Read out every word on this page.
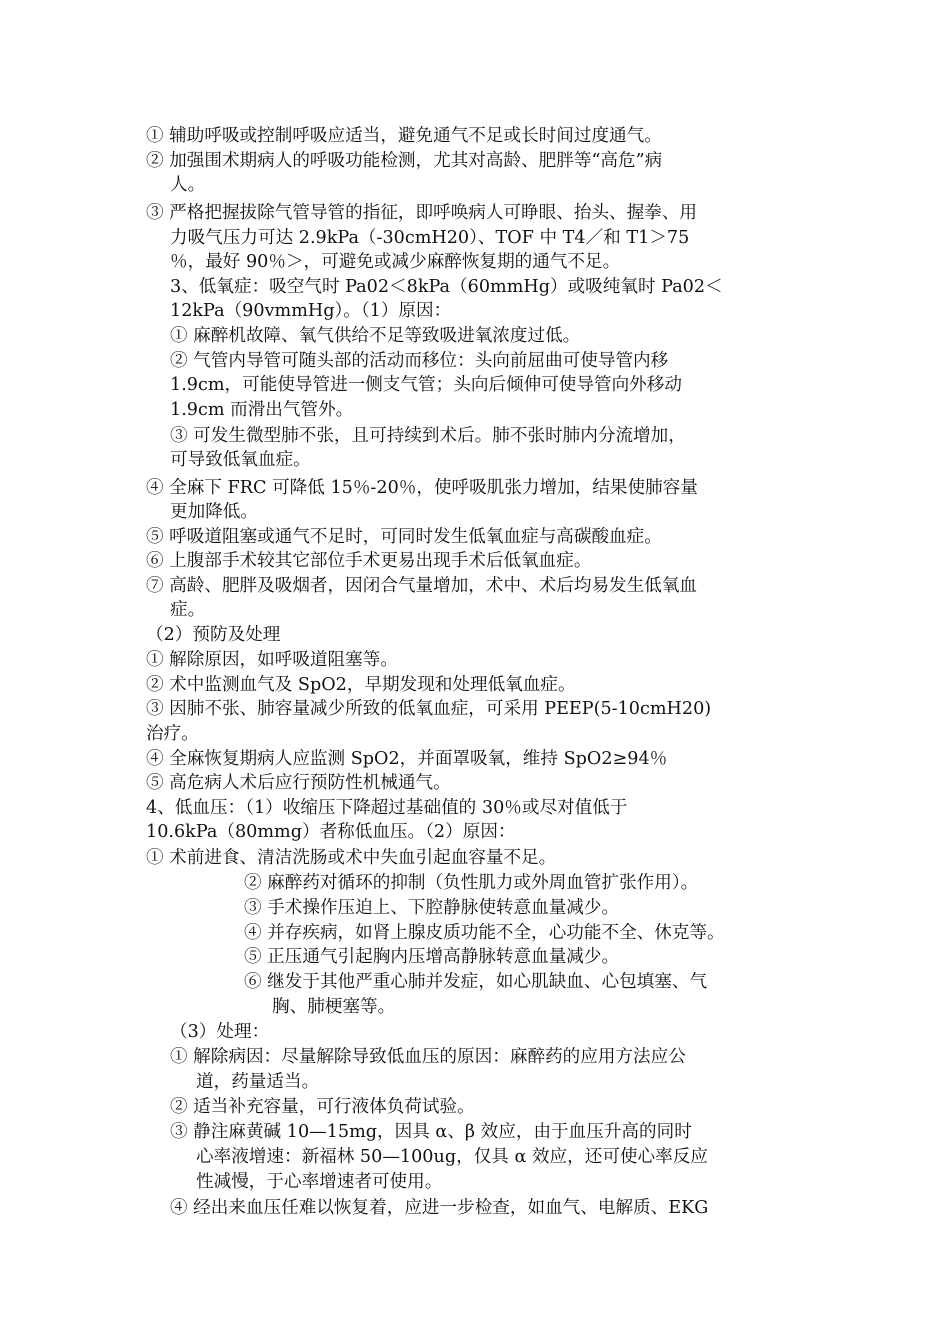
① 辅助呼吸或控制呼吸应适当，避免通气不足或长时间过度通气。
② 加强围术期病人的呼吸功能检测，尤其对高龄、肥胖等“高危”病
人。
③ 严格把握拔除气管导管的指征，即呼唤病人可睁眼、抬头、握拳、用
力吸气压力可达 2.9kPa（-30cmH20）、TOF 中 T4／和 T1＞75
％，最好 90％＞，可避免或减少麻醉恢复期的通气不足。
3、低氧症：吸空气时 Pa02＜8kPa（60mmHg）或吸纯氧时 Pa02＜
12kPa（90vmmHg）。（1）原因：
① 麻醉机故障、氧气供给不足等致吸进氧浓度过低。
② 气管内导管可随头部的活动而移位：头向前屈曲可使导管内移
1.9cm，可能使导管进一侧支气管；头向后倾伸可使导管向外移动
1.9cm 而滑出气管外。
③ 可发生微型肺不张，且可持续到术后。肺不张时肺内分流增加，
可导致低氧血症。
④ 全麻下 FRC 可降低 15％-20％，使呼吸肌张力增加，结果使肺容量
更加降低。
⑤ 呼吸道阻塞或通气不足时，可同时发生低氧血症与高碳酸血症。
⑥ 上腹部手术较其它部位手术更易出现手术后低氧血症。
⑦ 高龄、肥胖及吸烟者，因闭合气量增加，术中、术后均易发生低氧血
症。
（2）预防及处理
① 解除原因，如呼吸道阻塞等。
② 术中监测血气及 SpO2，早期发现和处理低氧血症。
③ 因肺不张、肺容量减少所致的低氧血症，可采用 PEEP(5-10cmH20)
治疗。
④ 全麻恢复期病人应监测 SpO2，并面罩吸氧，维持 SpO2≥94％
⑤ 高危病人术后应行预防性机械通气。
4、低血压：（1）收缩压下降超过基础值的 30％或尽对值低于
10.6kPa（80mmg）者称低血压。（2）原因：
① 术前进食、清洁洗肠或术中失血引起血容量不足。
② 麻醉药对循环的抑制（负性肌力或外周血管扩张作用）。
③ 手术操作压迫上、下腔静脉使转意血量减少。
④ 并存疾病，如肾上腺皮质功能不全，心功能不全、休克等。
⑤ 正压通气引起胸内压增高静脉转意血量减少。
⑥ 继发于其他严重心肺并发症，如心肌缺血、心包填塞、气
胸、肺梗塞等。
（3）处理：
① 解除病因：尽量解除导致低血压的原因：麻醉药的应用方法应公
道，药量适当。
② 适当补充容量，可行液体负荷试验。
③ 静注麻黄碱 10—15mg，因具 α、β 效应，由于血压升高的同时
心率液增速：新福林 50—100ug，仅具 α 效应，还可使心率反应
性减慢，于心率增速者可使用。
④ 经出来血压任难以恢复着，应进一步检查，如血气、电解质、EKG
